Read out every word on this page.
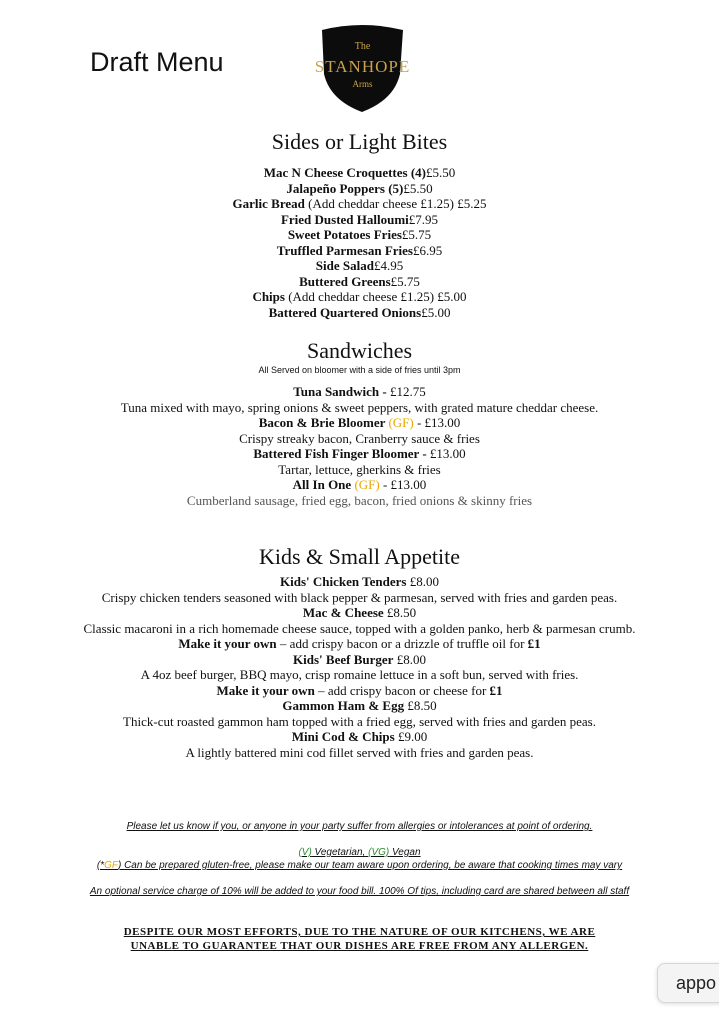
Draft Menu
The
STANHOPE
Arms
Sides or Light Bites
Mac N Cheese Croquettes (4)£5.50
Jalapeño Poppers (5)£5.50
Garlic Bread (Add cheddar cheese £1.25) £5.25
Fried Dusted Halloumi£7.95
Sweet Potatoes Fries£5.75
Truffled Parmesan Fries£6.95
Side Salad£4.95
Buttered Greens£5.75
Chips (Add cheddar cheese £1.25) £5.00
Battered Quartered Onions£5.00
Sandwiches
All Served on bloomer with a side of fries until 3pm
Tuna Sandwich - £12.75
Tuna mixed with mayo, spring onions & sweet peppers, with grated mature cheddar cheese.
Bacon & Brie Bloomer (GF) - £13.00
Crispy streaky bacon, Cranberry sauce & fries
Battered Fish Finger Bloomer - £13.00
Tartar, lettuce, gherkins & fries
All In One (GF) - £13.00
Cumberland sausage, fried egg, bacon, fried onions & skinny fries
Kids & Small Appetite
Kids' Chicken Tenders £8.00
Crispy chicken tenders seasoned with black pepper & parmesan, served with fries and garden peas.
Mac & Cheese £8.50
Classic macaroni in a rich homemade cheese sauce, topped with a golden panko, herb & parmesan crumb.
Make it your own – add crispy bacon or a drizzle of truffle oil for £1
Kids' Beef Burger £8.00
A 4oz beef burger, BBQ mayo, crisp romaine lettuce in a soft bun, served with fries.
Make it your own – add crispy bacon or cheese for £1
Gammon Ham & Egg £8.50
Thick-cut roasted gammon ham topped with a fried egg, served with fries and garden peas.
Mini Cod & Chips £9.00
A lightly battered mini cod fillet served with fries and garden peas.
Please let us know if you, or anyone in your party suffer from allergies or intolerances at point of ordering.
(V) Vegetarian, (VG) Vegan
(*GF) Can be prepared gluten-free, please make our team aware upon ordering, be aware that cooking times may vary
An optional service charge of 10% will be added to your food bill. 100% Of tips, including card are shared between all staff
DESPITE OUR MOST EFFORTS, DUE TO THE NATURE OF OUR KITCHENS, WE ARE
UNABLE TO GUARANTEE THAT OUR DISHES ARE FREE FROM ANY ALLERGEN.
appo
